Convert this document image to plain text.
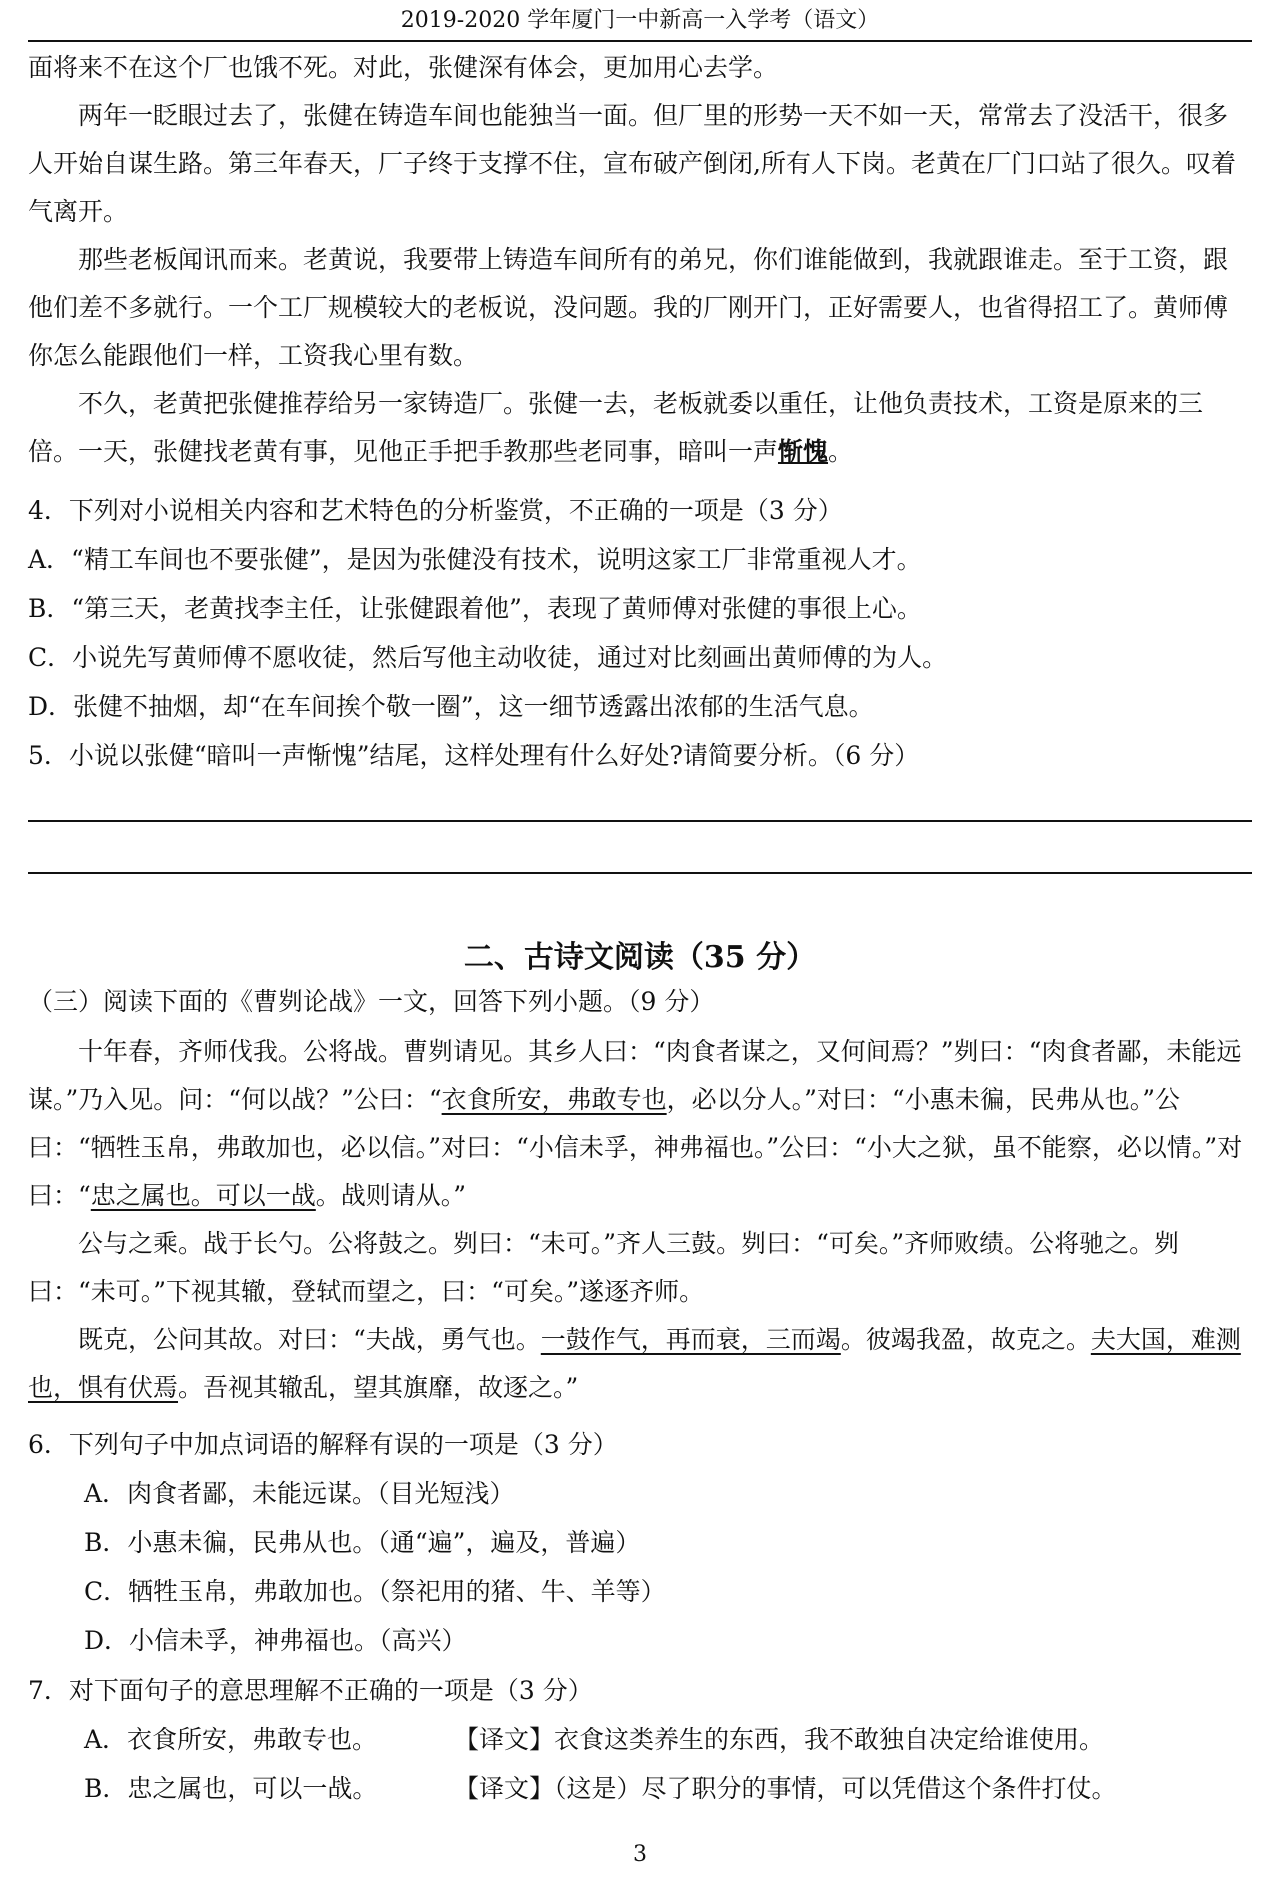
2019-2020 学年厦门一中新高一入学考（语文）

面将来不在这个厂也饿不死。对此，张健深有体会，更加用心去学。

两年一眨眼过去了，张健在铸造车间也能独当一面。但厂里的形势一天不如一天，常常去了没活干，很多人开始自谋生路。第三年春天，厂子终于支撑不住，宣布破产倒闭,所有人下岗。老黄在厂门口站了很久。叹着气离开。

那些老板闻讯而来。老黄说，我要带上铸造车间所有的弟兄，你们谁能做到，我就跟谁走。至于工资，跟他们差不多就行。一个工厂规模较大的老板说，没问题。我的厂刚开门，正好需要人，也省得招工了。黄师傅你怎么能跟他们一样，工资我心里有数。

不久，老黄把张健推荐给另一家铸造厂。张健一去，老板就委以重任，让他负责技术，工资是原来的三倍。一天，张健找老黄有事，见他正手把手教那些老同事，暗叫一声惭愧。

4．下列对小说相关内容和艺术特色的分析鉴赏，不正确的一项是（3 分）

A．“精工车间也不要张健”，是因为张健没有技术，说明这家工厂非常重视人才。

B．“第三天，老黄找李主任，让张健跟着他”，表现了黄师傅对张健的事很上心。

C．小说先写黄师傅不愿收徒，然后写他主动收徒，通过对比刻画出黄师傅的为人。

D．张健不抽烟，却“在车间挨个敬一圈”，这一细节透露出浓郁的生活气息。

5．小说以张健“暗叫一声惭愧”结尾，这样处理有什么好处?请简要分析。（6 分）

二、古诗文阅读（35 分）

（三）阅读下面的《曹刿论战》一文，回答下列小题。（9 分）

十年春，齐师伐我。公将战。曹刿请见。其乡人曰：“肉食者谋之，又何间焉？”刿曰：“肉食者鄙，未能远谋。”乃入见。问：“何以战？”公曰：“衣食所安，弗敢专也，必以分人。”对曰：“小惠未徧，民弗从也。”公曰：“牺牲玉帛，弗敢加也，必以信。”对曰：“小信未孚，神弗福也。”公曰：“小大之狱，虽不能察，必以情。”对曰：“忠之属也。可以一战。战则请从。”

公与之乘。战于长勺。公将鼓之。刿曰：“未可。”齐人三鼓。刿曰：“可矣。”齐师败绩。公将驰之。刿曰：“未可。”下视其辙，登轼而望之，曰：“可矣。”遂逐齐师。

既克，公问其故。对曰：“夫战，勇气也。一鼓作气，再而衰，三而竭。彼竭我盈，故克之。夫大国，难测也，惧有伏焉。吾视其辙乱，望其旗靡，故逐之。”

6．下列句子中加点词语的解释有误的一项是（3 分）

A．肉食者鄙，未能远谋。（目光短浅）

B．小惠未徧，民弗从也。（通“遍”，遍及，普遍）

C．牺牲玉帛，弗敢加也。（祭祀用的猪、牛、羊等）

D．小信未孚，神弗福也。（高兴）

7．对下面句子的意思理解不正确的一项是（3 分）

A．衣食所安，弗敢专也。	【译文】衣食这类养生的东西，我不敢独自决定给谁使用。
B．忠之属也，可以一战。	【译文】（这是）尽了职分的事情，可以凭借这个条件打仗。
3
